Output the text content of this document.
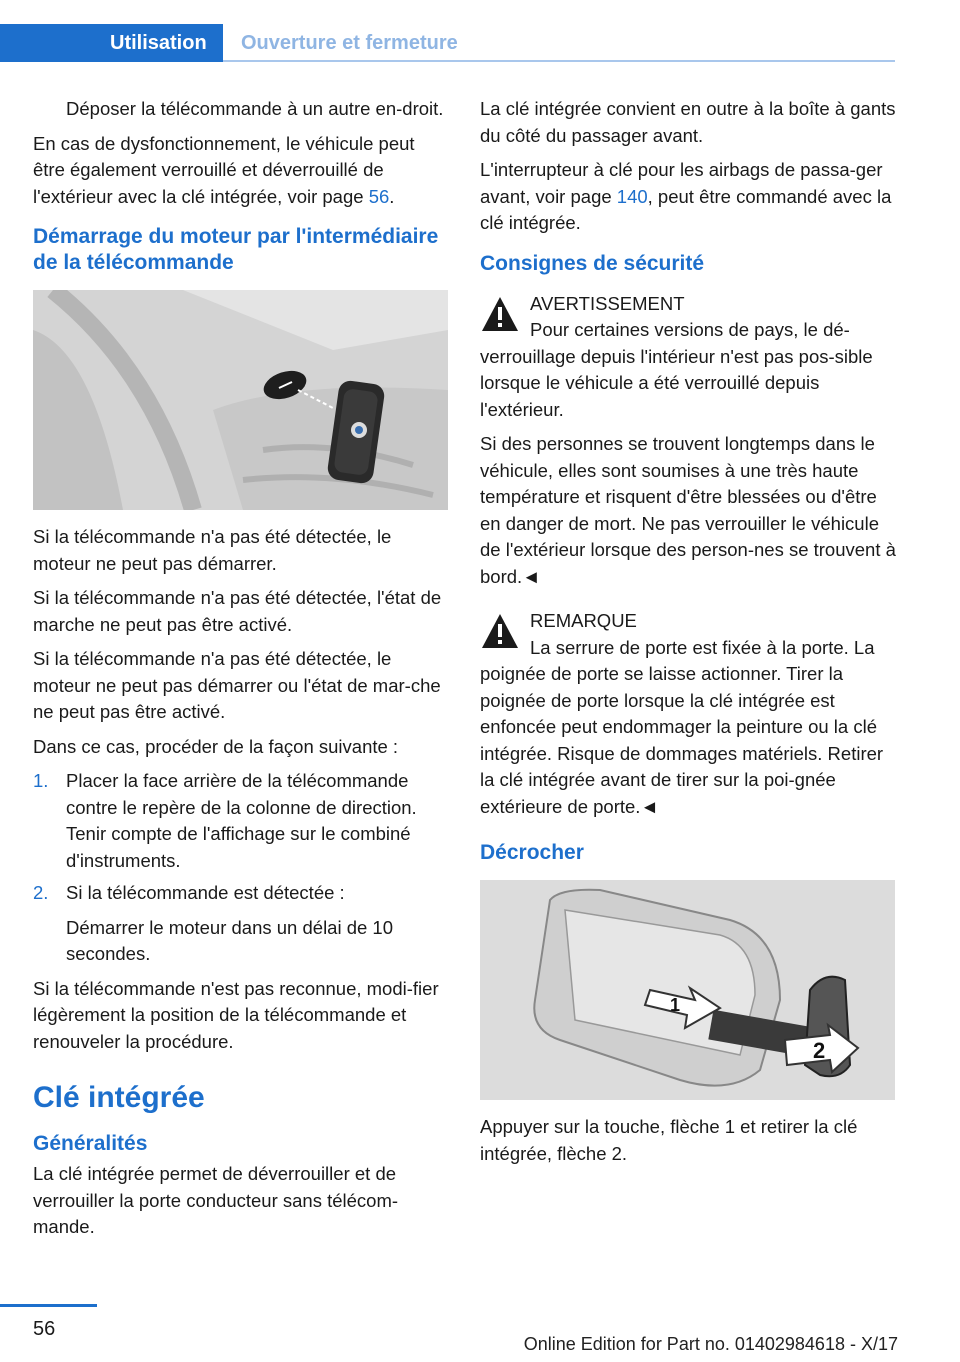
Utilisation	Ouverture et fermeture

Déposer la télécommande à un autre en‐droit.

En cas de dysfonctionnement, le véhicule peut être également verrouillé et déverrouillé de l'extérieur avec la clé intégrée, voir page 56.

Démarrage du moteur par l'intermédiaire de la télécommande

Si la télécommande n'a pas été détectée, le moteur ne peut pas démarrer.

Si la télécommande n'a pas été détectée, l'état de marche ne peut pas être activé.

Si la télécommande n'a pas été détectée, le moteur ne peut pas démarrer ou l'état de mar‐che ne peut pas être activé.

Dans ce cas, procéder de la façon suivante :

1. Placer la face arrière de la télécommande contre le repère de la colonne de direction. Tenir compte de l'affichage sur le combiné d'instruments.
2. Si la télécommande est détectée :

Démarrer le moteur dans un délai de 10 secondes.

Si la télécommande n'est pas reconnue, modi‐fier légèrement la position de la télécommande et renouveler la procédure.

Clé intégrée
Généralités

La clé intégrée permet de déverrouiller et de verrouiller la porte conducteur sans télécom‐mande.

La clé intégrée convient en outre à la boîte à gants du côté du passager avant.

L'interrupteur à clé pour les airbags de passa‐ger avant, voir page 140, peut être commandé avec la clé intégrée.

Consignes de sécurité
AVERTISSEMENT
Pour certaines versions de pays, le dé‐verrouillage depuis l'intérieur n'est pas pos‐sible lorsque le véhicule a été verrouillé depuis l'extérieur.

Si des personnes se trouvent longtemps dans le véhicule, elles sont soumises à une très haute température et risquent d'être blessées ou d'être en danger de mort. Ne pas verrouiller le véhicule de l'extérieur lorsque des person‐nes se trouvent à bord.◄

REMARQUE
La serrure de porte est fixée à la porte. La poignée de porte se laisse actionner. Tirer la poignée de porte lorsque la clé intégrée est enfoncée peut endommager la peinture ou la clé intégrée. Risque de dommages matériels. Retirer la clé intégrée avant de tirer sur la poi‐gnée extérieure de porte.◄
Décrocher
1
2

Appuyer sur la touche, flèche 1 et retirer la clé intégrée, flèche 2.

56
Online Edition for Part no. 01402984618 - X/17
